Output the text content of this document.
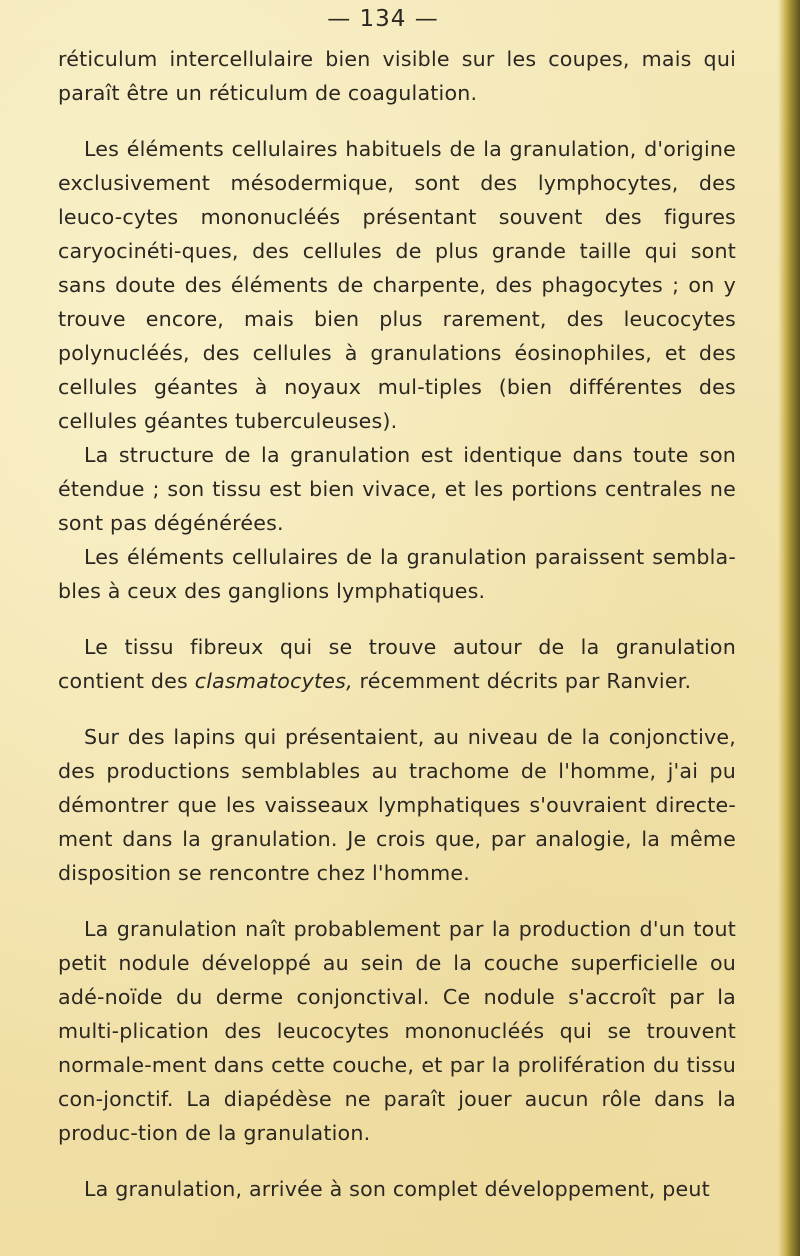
— 134 —

réticulum intercellulaire bien visible sur les coupes, mais qui paraît être un réticulum de coagulation.

Les éléments cellulaires habituels de la granulation, d'origine exclusivement mésodermique, sont des lymphocytes, des leuco-cytes mononucléés présentant souvent des figures caryocinéti-ques, des cellules de plus grande taille qui sont sans doute des éléments de charpente, des phagocytes ; on y trouve encore, mais bien plus rarement, des leucocytes polynucléés, des cellules à granulations éosinophiles, et des cellules géantes à noyaux mul-tiples (bien différentes des cellules géantes tuberculeuses).

La structure de la granulation est identique dans toute son étendue ; son tissu est bien vivace, et les portions centrales ne sont pas dégénérées.

Les éléments cellulaires de la granulation paraissent sembla-bles à ceux des ganglions lymphatiques.

Le tissu fibreux qui se trouve autour de la granulation contient des clasmatocytes, récemment décrits par Ranvier.

Sur des lapins qui présentaient, au niveau de la conjonctive, des productions semblables au trachome de l'homme, j'ai pu démontrer que les vaisseaux lymphatiques s'ouvraient directe-ment dans la granulation. Je crois que, par analogie, la même disposition se rencontre chez l'homme.

La granulation naît probablement par la production d'un tout petit nodule développé au sein de la couche superficielle ou adé-noïde du derme conjonctival. Ce nodule s'accroît par la multi-plication des leucocytes mononucléés qui se trouvent normale-ment dans cette couche, et par la prolifération du tissu con-jonctif. La diapédèse ne paraît jouer aucun rôle dans la produc-tion de la granulation.

La granulation, arrivée à son complet développement, peut
